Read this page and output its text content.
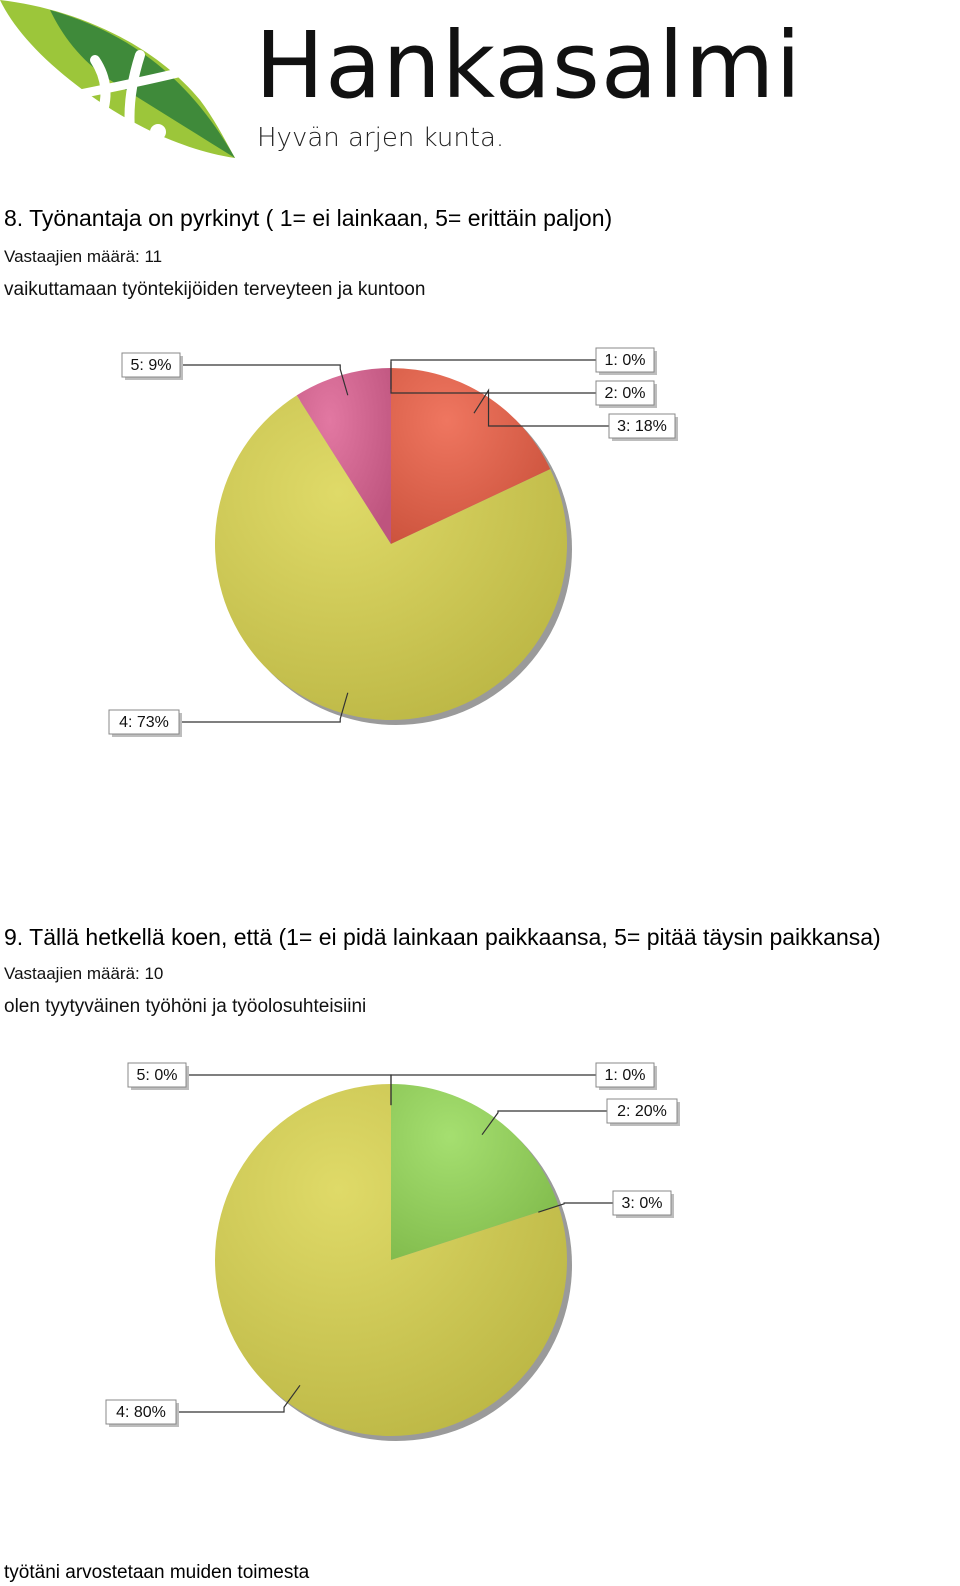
Hankasalmi
Hyvän arjen kunta.
8. Työnantaja on pyrkinyt ( 1= ei lainkaan, 5= erittäin paljon)
Vastaajien määrä: 11
vaikuttamaan työntekijöiden terveyteen ja kuntoon
1: 0%
2: 0%
3: 18%
4: 73%
5: 9%
9. Tällä hetkellä koen, että (1= ei pidä lainkaan paikkaansa, 5= pitää täysin paikkansa)
Vastaajien määrä: 10
olen tyytyväinen työhöni ja työolosuhteisiini
1: 0%
2: 20%
3: 0%
4: 80%
5: 0%
työtäni arvostetaan muiden toimesta
